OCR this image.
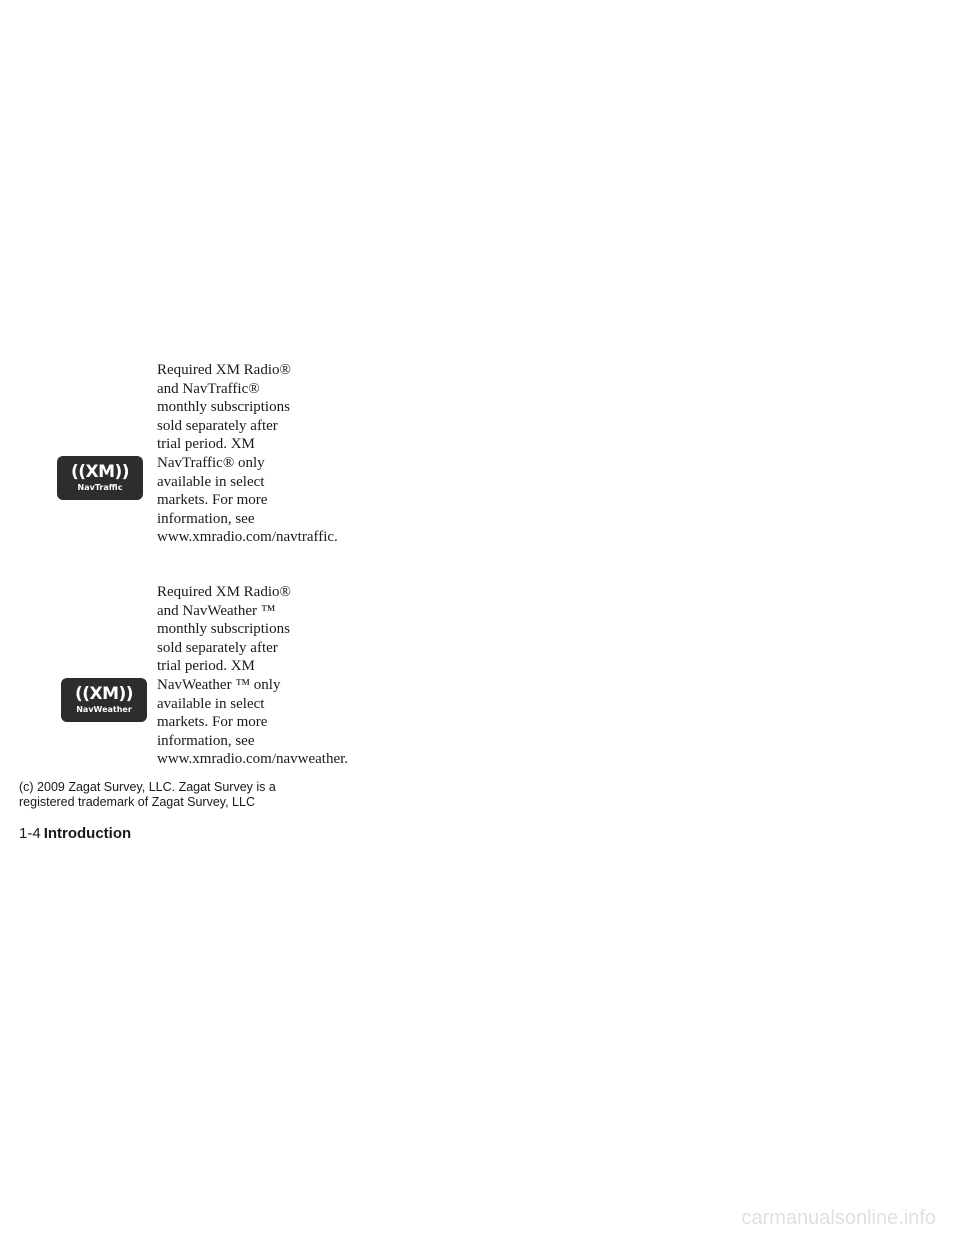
((XM))
NavTraffic

Required XM Radio®
and NavTraffic®
monthly subscriptions
sold separately after
trial period. XM
NavTraffic® only
available in select
markets. For more
information, see
www.xmradio.com/navtraffic.

((XM))
NavWeather

Required XM Radio®
and NavWeather ™
monthly subscriptions
sold separately after
trial period. XM
NavWeather ™ only
available in select
markets. For more
information, see
www.xmradio.com/navweather.

(c) 2009 Zagat Survey, LLC. Zagat Survey is a
registered trademark of Zagat Survey, LLC
1-4 Introduction
carmanualsonline.info
